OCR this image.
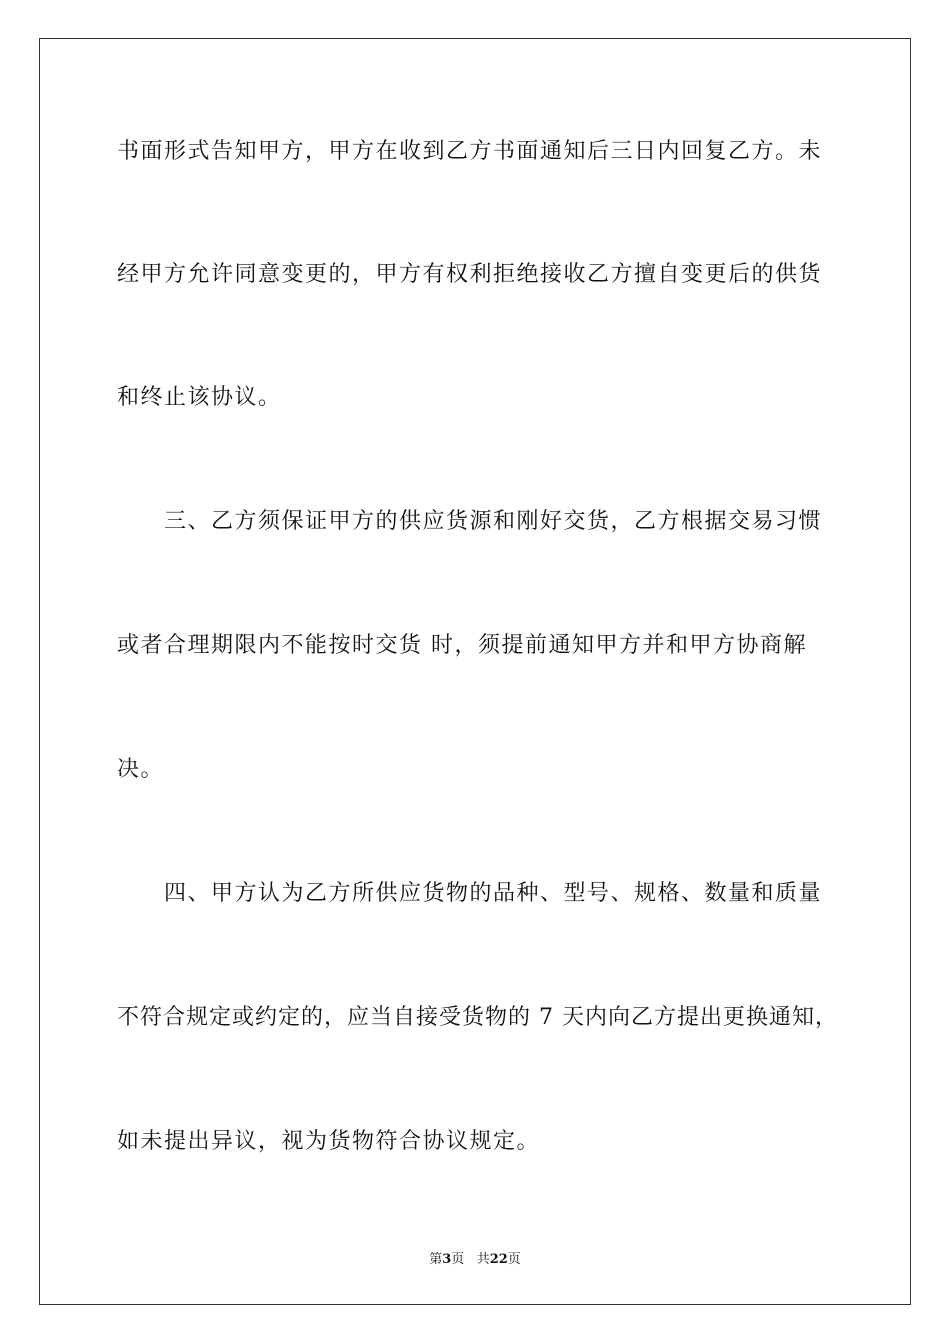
书面形式告知甲方，甲方在收到乙方书面通知后三日内回复乙方。未
经甲方允许同意变更的，甲方有权利拒绝接收乙方擅自变更后的供货
和终止该协议。
三、乙方须保证甲方的供应货源和刚好交货，乙方根据交易习惯
或者合理期限内不能按时交货 时，须提前通知甲方并和甲方协商解
决。
四、甲方认为乙方所供应货物的品种、型号、规格、数量和质量
不符合规定或约定的，应当自接受货物的 7 天内向乙方提出更换通知，
如未提出异议，视为货物符合协议规定。
第3页 共22页
